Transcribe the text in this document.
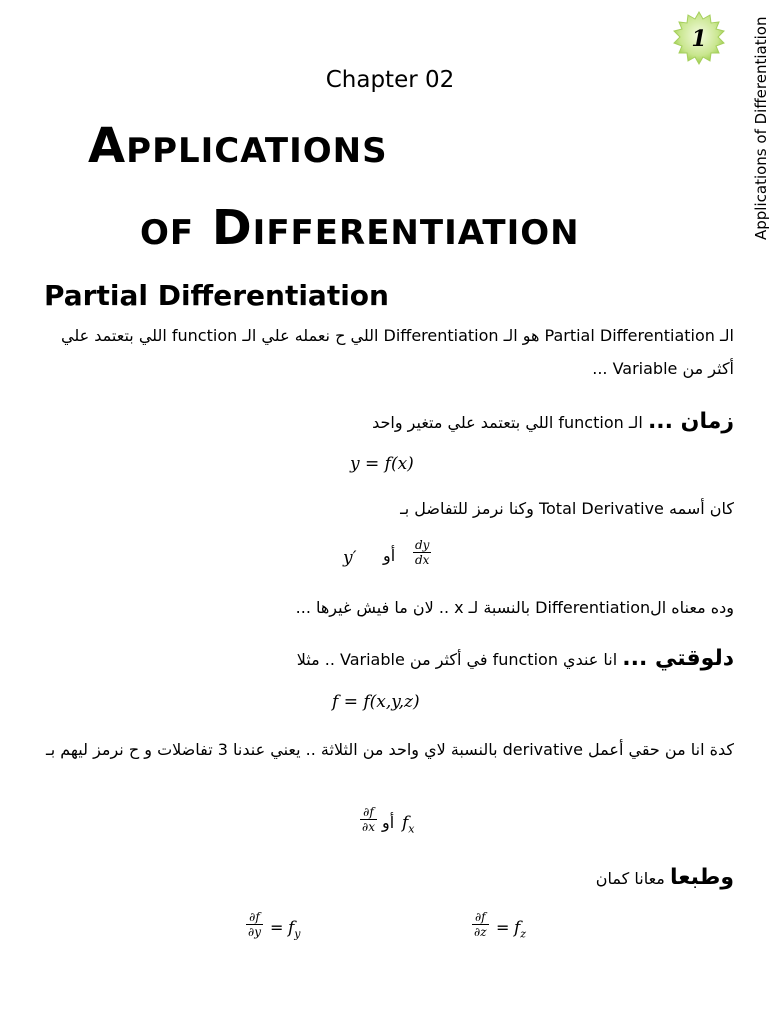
1	Applications of Differentiation
Chapter 02
Applications
of Differentiation
Partial Differentiation
الـ Partial Differentiation هو الـ Differentiation اللي ح نعمله علي الـ function اللي بتعتمد علي أكثر من Variable ...
زمان ... الـ function اللي بتعتمد علي متغير واحد
y = f(x)
كان أسمه Total Derivative وكنا نرمز للتفاضل بـ
y′ أو $\frac{dy}{dx}$
وده معناه الDifferentiation بالنسبة لـ x .. لان ما فيش غيرها ...
دلوقتي ... انا عندي function في أكثر من Variable .. مثلا
f = f(x,y,z)
كدة انا من حقي أعمل derivative بالنسبة لاي واحد من الثلاثة .. يعني عندنا 3 تفاضلات و ح نرمز ليهم بـ
$\frac{\partial f}{\partial x}$ أو $f_x$
وطبعا معانا كمان
$\frac{\partial f}{\partial y} = f_y$	$\frac{\partial f}{\partial z} = f_z$
